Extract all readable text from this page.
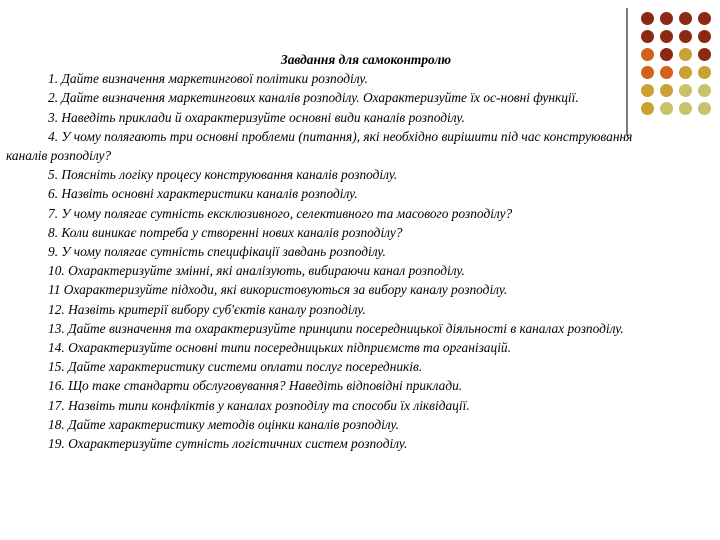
Завдання для самоконтролю

1. Дайте визначення маркетингової політики розподілу.

2. Дайте визначення маркетингових каналів розподілу. Охарактеризуйте їх ос-новні функції.

3. Наведіть приклади й охарактеризуйте основні види каналів розподілу.

4. У чому полягають три основні проблеми (питання), які необхідно вирішити під час конструювання каналів розподілу?

5. Поясніть логіку процесу конструювання каналів розподілу.

6. Назвіть основні характеристики каналів розподілу.

7. У чому полягає сутність ексклюзивного, селективного та масового розподілу?

8. Коли виникає потреба у створенні нових каналів розподілу?

9. У чому полягає сутність специфікації завдань розподілу.

10. Охарактеризуйте змінні, які аналізують, вибираючи канал розподілу.

11 Охарактеризуйте підходи, які використовуються за вибору каналу розподілу.

12. Назвіть критерії вибору суб'єктів каналу розподілу.

13. Дайте визначення та охарактеризуйте принципи посередницької діяльності в каналах розподілу.

14. Охарактеризуйте основні типи посередницьких підприємств та організацій.

15. Дайте характеристику системи оплати послуг посередників.

16. Що таке стандарти обслуговування? Наведіть відповідні приклади.

17. Назвіть типи конфліктів у каналах розподілу та способи їх ліквідації.

18. Дайте характеристику методів оцінки каналів розподілу.

19. Охарактеризуйте сутність логістичних систем розподілу.
